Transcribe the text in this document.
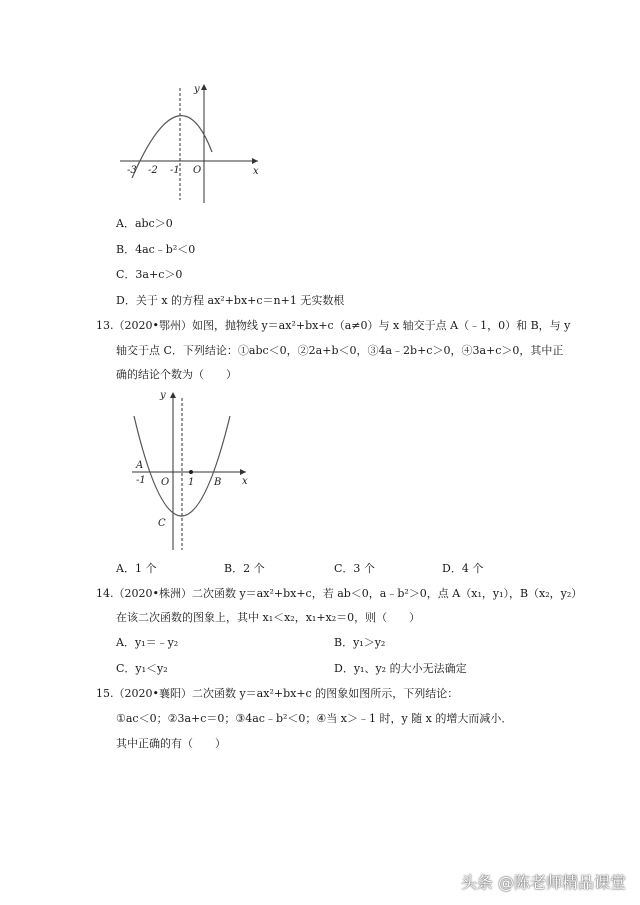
y
x
O
-3 -2 -1
A．abc＞0
B．4ac﹣b²＜0
C．3a+c＞0
D．关于 x 的方程 ax²+bx+c＝n+1 无实数根
13.（2020•鄂州）如图，抛物线 y＝ax²+bx+c（a≠0）与 x 轴交于点 A（﹣1，0）和 B，与 y
轴交于点 C．下列结论：①abc＜0，②2a+b＜0，③4a﹣2b+c＞0，④3a+c＞0，其中正
确的结论个数为（　　）
y
x
A
-1 O 1 B
C
A．1 个	B．2 个	C．3 个	D．4 个
14.（2020•株洲）二次函数 y＝ax²+bx+c，若 ab＜0，a﹣b²＞0，点 A（x₁，y₁），B（x₂，y₂）
在该二次函数的图象上，其中 x₁＜x₂，x₁+x₂＝0，则（　　）
A．y₁＝﹣y₂	B．y₁＞y₂
C．y₁＜y₂	D．y₁、y₂ 的大小无法确定
15.（2020•襄阳）二次函数 y＝ax²+bx+c 的图象如图所示，下列结论：
①ac＜0；②3a+c＝0；③4ac﹣b²＜0；④当 x＞﹣1 时，y 随 x 的增大而减小．
其中正确的有（　　）
头条 @陈老师精品课堂
